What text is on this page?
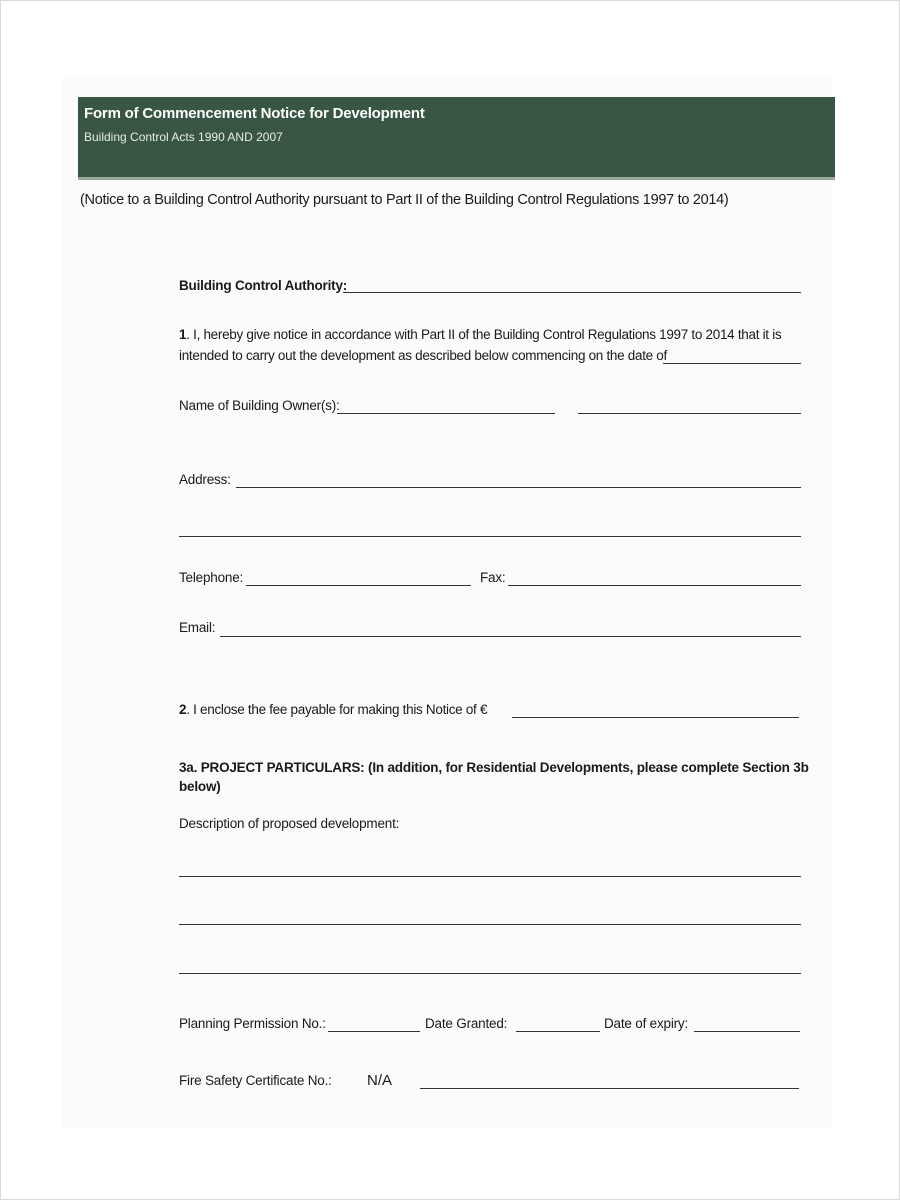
Form of Commencement Notice for Development
Building Control Acts 1990 AND 2007
(Notice to a Building Control Authority pursuant to Part II of the Building Control Regulations 1997 to 2014)
Building Control Authority:
1. I, hereby give notice in accordance with Part II of the Building Control Regulations 1997 to 2014 that it is
intended to carry out the development as described below commencing on the date of
Name of Building Owner(s):
Address:
Telephone:	Fax:
Email:
2. I enclose the fee payable for making this Notice of €
3a. PROJECT PARTICULARS: (In addition, for Residential Developments, please complete Section 3b below)
Description of proposed development:
Planning Permission No.:	Date Granted:	Date of expiry:
Fire Safety Certificate No.: N/A
